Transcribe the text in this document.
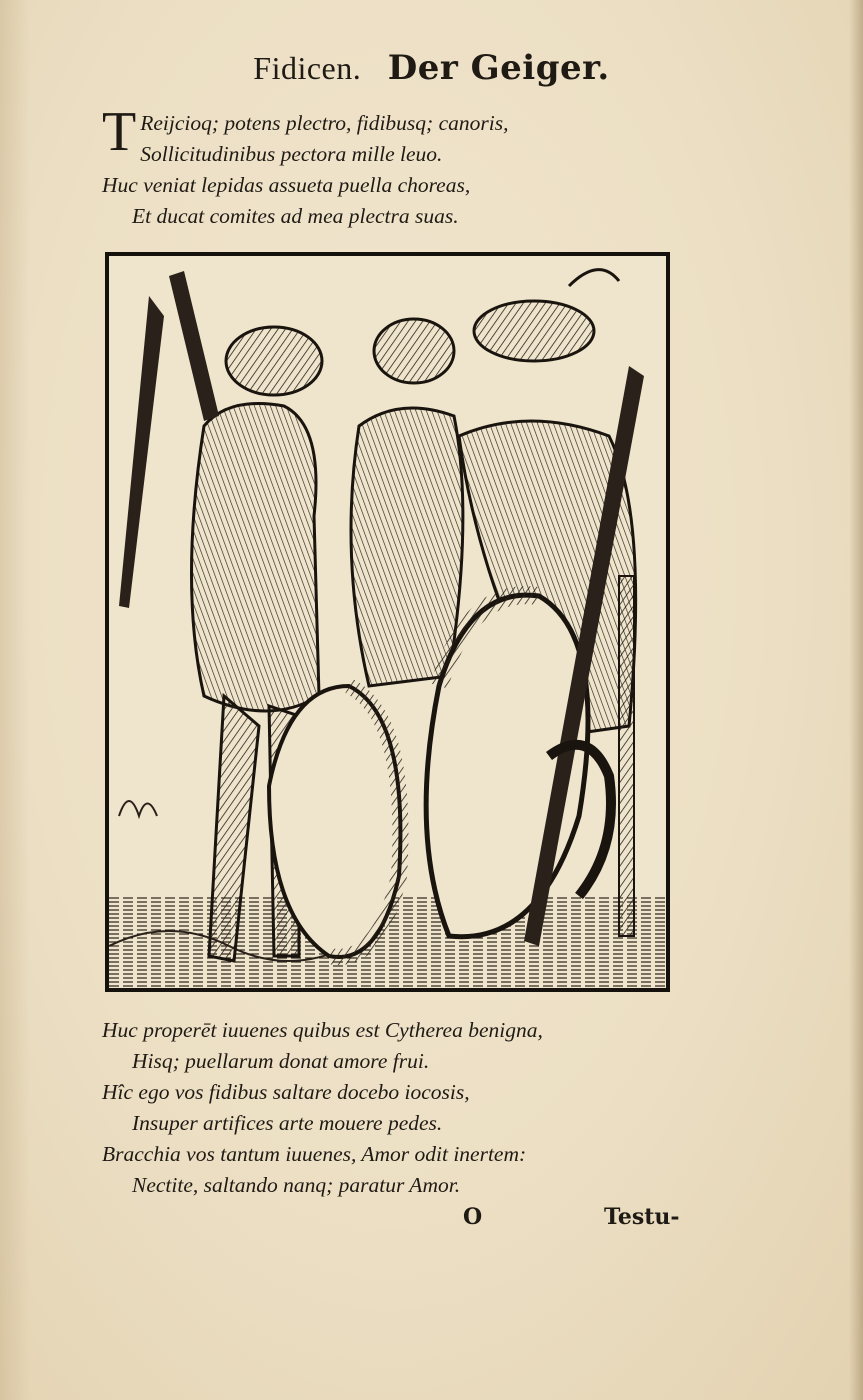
Fidicen. Der Geiger.
T Reijcioq; potens plectro, fidibusq; canoris,
Sollicitudinibus pectora mille leuo.
Huc veniat lepidas assueta puella choreas,
Et ducat comites ad mea plectra suas.
Huc properēt iuuenes quibus est Cytherea benigna,
Hisq; puellarum donat amore frui.
Hîc ego vos fidibus saltare docebo iocosis,
Insuper artifices arte mouere pedes.
Bracchia vos tantum iuuenes, Amor odit inertem:
Nectite, saltando nanq; paratur Amor.
O	Testu-
